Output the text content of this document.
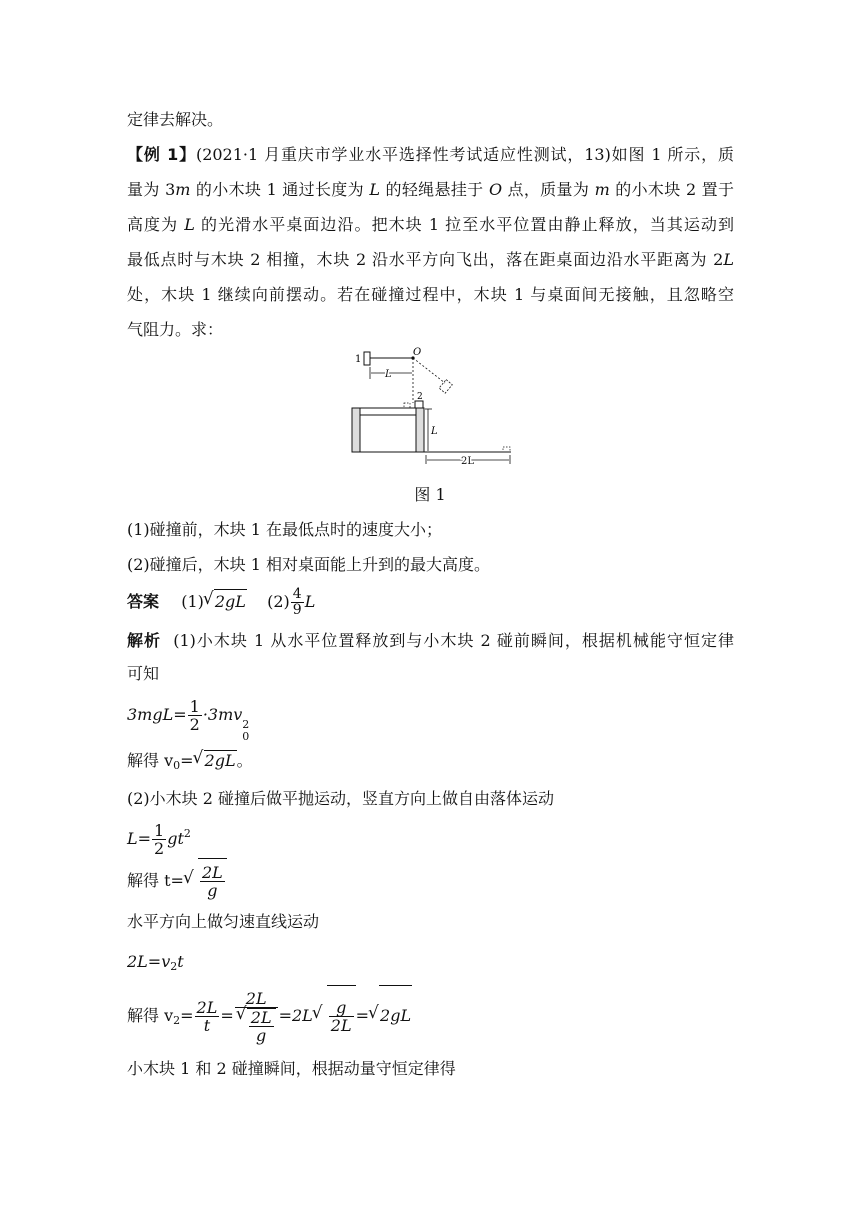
定律去解决。
【例 1】(2021·1 月重庆市学业水平选择性考试适应性测试，13)如图 1 所示，质
量为 3m 的小木块 1 通过长度为 L 的轻绳悬挂于 O 点，质量为 m 的小木块 2 置于
高度为 L 的光滑水平桌面边沿。把木块 1 拉至水平位置由静止释放，当其运动到
最低点时与木块 2 相撞，木块 2 沿水平方向飞出，落在距桌面边沿水平距离为 2L
处，木块 1 继续向前摆动。若在碰撞过程中，木块 1 与桌面间无接触，且忽略空
气阻力。求：
1
O
L
2
L
2L
图 1
(1)碰撞前，木块 1 在最低点时的速度大小；
(2)碰撞后，木块 1 相对桌面能上升到的最大高度。
答案 (1)√ 2gL $(2) \frac{4}{9}$ L
解析 (1)小木块 1 从水平位置释放到与小木块 2 碰前瞬间，根据机械能守恒定律
可知
$3mgL= \frac{1}{2} \cdot 3mv$
2
0
解得 $v_0=√$ 2gL。
(2)小木块 2 碰撞后做平抛运动，竖直方向上做自由落体运动
$L= \frac{1}{2} gt^2$
解得 t=
√ $\frac{2L}{g}$
水平方向上做匀速直线运动
$2L=v_2t$
解得 $v_2= \frac{2L}{t} = 2L$
√ $\frac{2L}{g} =2L$
√ $\frac{g}{2L}$ =√ 2gL
小木块 1 和 2 碰撞瞬间，根据动量守恒定律得
